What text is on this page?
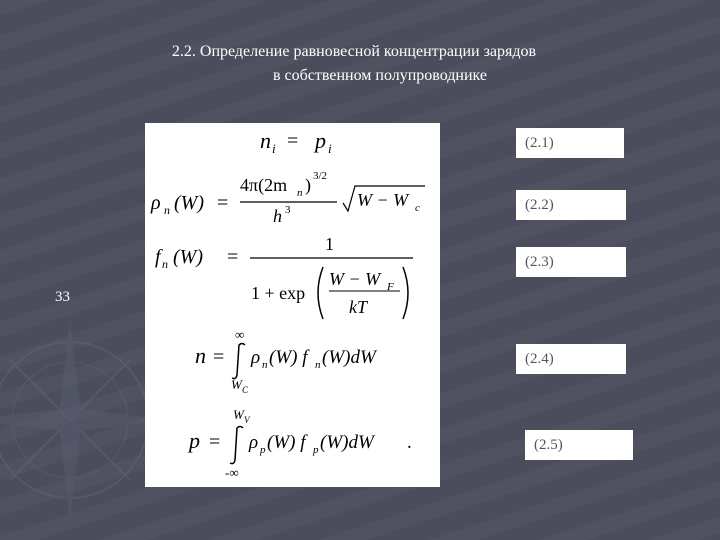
2.2. Определение равновесной концентрации зарядов
в собственном полупроводнике
33
n i = p i
ρ n (W) =
4π(2m n ) 3/2
h 3	W − W c
f n (W) =
1
1 + exp
W − W F
kT
n =
∞
W C
ρ n (W) f n (W)dW
p =
W V
-∞
ρ p (W) f p (W)dW .
(2.1)
(2.2)
(2.3)
(2.4)
(2.5)
